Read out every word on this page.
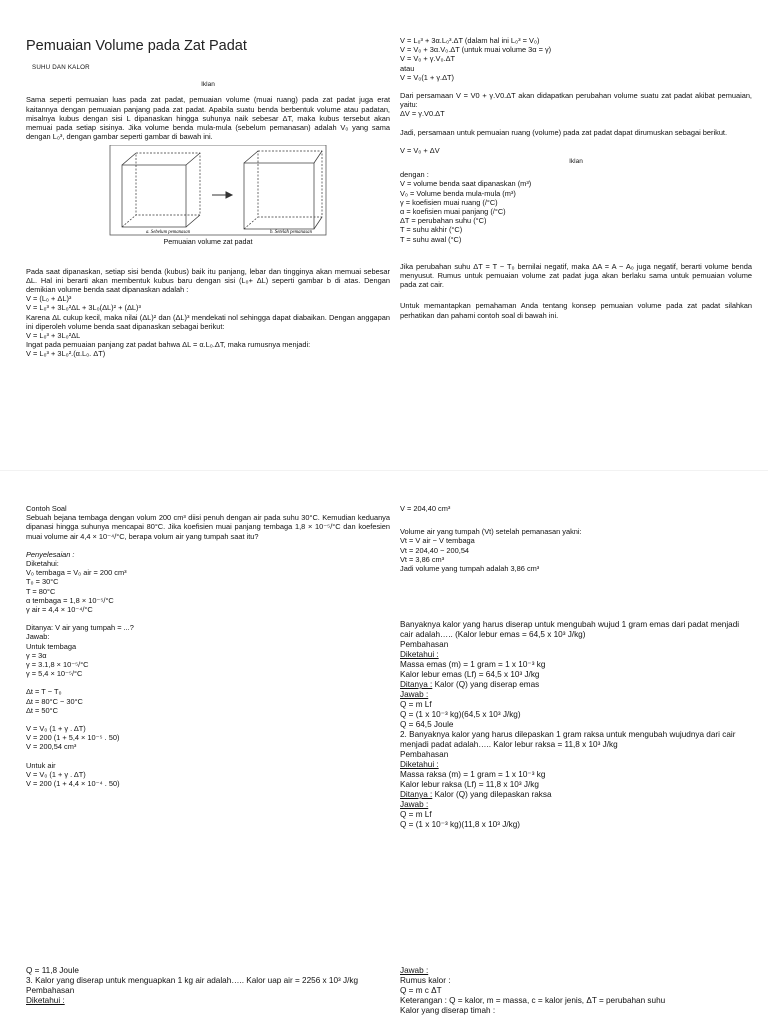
Pemuaian Volume pada Zat Padat

SUHU DAN KALOR

Iklan

Sama seperti pemuaian luas pada zat padat, pemuaian volume (muai ruang) pada zat padat juga erat kaitannya dengan pemuaian panjang pada zat padat. Apabila suatu benda berbentuk volume atau padatan, misalnya kubus dengan sisi L dipanaskan hingga suhunya naik sebesar ΔT, maka kubus tersebut akan memuai pada setiap sisinya. Jika volume benda mula-mula (sebelum pemanasan) adalah V₀ yang sama dengan L₀³, dengan gambar seperti gambar di bawah ini.

a. Sebelum pemanasan	b. Setelah pemanasan

Pemuaian volume zat padat

Pada saat dipanaskan, setiap sisi benda (kubus) baik itu panjang, lebar dan tingginya akan memuai sebesar ΔL. Hal ini berarti akan membentuk kubus baru dengan sisi (L₀+ ΔL) seperti gambar b di atas. Dengan demikian volume benda saat dipanaskan adalah :

V = (L₀ + ΔL)³

V = L₀³ + 3L₀²ΔL + 3L₀(ΔL)² + (ΔL)³

Karena ΔL cukup kecil, maka nilai (ΔL)² dan (ΔL)³ mendekati nol sehingga dapat diabaikan. Dengan anggapan ini diperoleh volume benda saat dipanaskan sebagai berikut:

V = L₀³ + 3L₀²ΔL

Ingat pada pemuaian panjang zat padat bahwa ΔL = α.L₀.ΔT, maka rumusnya menjadi:

V = L₀³ + 3L₀².(α.L₀. ΔT)

V = L₀³ + 3α.L₀³.ΔT (dalam hal ini L₀³ = V₀)

V = V₀ + 3α.V₀.ΔT (untuk muai volume 3α = γ)

V = V₀ + γ.V₀.ΔT

atau

V = V₀(1 + γ.ΔT)

Dari persamaan V = V0 + γ.V0.ΔT akan didapatkan perubahan volume suatu zat padat akibat pemuaian, yaitu:

ΔV = γ.V0.ΔT

Jadi, persamaan untuk pemuaian ruang (volume) pada zat padat dapat dirumuskan sebagai berikut.

V = V₀ + ΔV

Iklan

dengan :

V = volume benda saat dipanaskan (m³)

V₀ = Volume benda mula-mula (m³)

γ = koefisien muai ruang (/°C)

α = koefisien muai panjang (/°C)

ΔT = perubahan suhu (°C)

T = suhu akhir (°C)

T = suhu awal (°C)

Jika perubahan suhu ΔT = T − T₀ bernilai negatif, maka ΔA = A − A₀ juga negatif, berarti volume benda menyusut. Rumus untuk pemuaian volume zat padat juga akan berlaku sama untuk pemuaian volume pada zat cair.

Untuk memantapkan pemahaman Anda tentang konsep pemuaian volume pada zat padat silahkan perhatikan dan pahami contoh soal di bawah ini.

Contoh Soal

Sebuah bejana tembaga dengan volum 200 cm³ diisi penuh dengan air pada suhu 30°C. Kemudian keduanya dipanasi hingga suhunya mencapai 80°C. Jika koefisien muai panjang tembaga 1,8 × 10⁻⁵/°C dan koefesien muai volume air 4,4 × 10⁻⁴/°C, berapa volum air yang tumpah saat itu?

Penyelesaian :

Diketahui:

V₀ tembaga = V₀ air = 200 cm³

T₀ = 30°C

T = 80°C

α tembaga = 1,8 × 10⁻⁵/°C

γ air = 4,4 × 10⁻⁴/°C

Ditanya: V air yang tumpah = ...?

Jawab:

Untuk tembaga

γ = 3α

γ = 3.1,8 × 10⁻⁵/°C

γ = 5,4 × 10⁻⁵/°C

Δt = T − T₀

Δt = 80°C − 30°C

Δt = 50°C

V = V₀ (1 + γ . ΔT)

V = 200 (1 + 5,4 × 10⁻⁵ . 50)

V = 200,54 cm³

Untuk air

V = V₀ (1 + γ . ΔT)

V = 200 (1 + 4,4 × 10⁻⁴ . 50)

V = 204,40 cm³

Volume air yang tumpah (Vt) setelah pemanasan yakni:

Vt = V air − V tembaga

Vt = 204,40 − 200,54

Vt = 3,86 cm³

Jadi volume yang tumpah adalah 3,86 cm³

Banyaknya kalor yang harus diserap untuk mengubah wujud 1 gram emas dari padat menjadi cair adalah….. (Kalor lebur emas = 64,5 x 10³ J/kg)

Pembahasan

Diketahui :

Massa emas (m) = 1 gram = 1 x 10⁻³ kg

Kalor lebur emas (Lf) = 64,5 x 10³ J/kg

Ditanya : Kalor (Q) yang diserap emas

Jawab :

Q = m Lf

Q = (1 x 10⁻³ kg)(64,5 x 10³ J/kg)

Q = 64,5 Joule

2. Banyaknya kalor yang harus dilepaskan 1 gram raksa untuk mengubah wujudnya dari cair menjadi padat adalah….. Kalor lebur raksa = 11,8 x 10³ J/kg

Pembahasan

Diketahui :

Massa raksa (m) = 1 gram = 1 x 10⁻³ kg

Kalor lebur raksa (Lf) = 11,8 x 10³ J/kg

Ditanya : Kalor (Q) yang dilepaskan raksa

Jawab :

Q = m Lf

Q = (1 x 10⁻³ kg)(11,8 x 10³ J/kg)

Q = 11,8 Joule

3. Kalor yang diserap untuk menguapkan 1 kg air adalah….. Kalor uap air = 2256 x 10³ J/kg

Pembahasan

Diketahui :

Jawab :

Rumus kalor :

Q = m c ΔT

Keterangan : Q = kalor, m = massa, c = kalor jenis, ΔT = perubahan suhu

Kalor yang diserap timah :
